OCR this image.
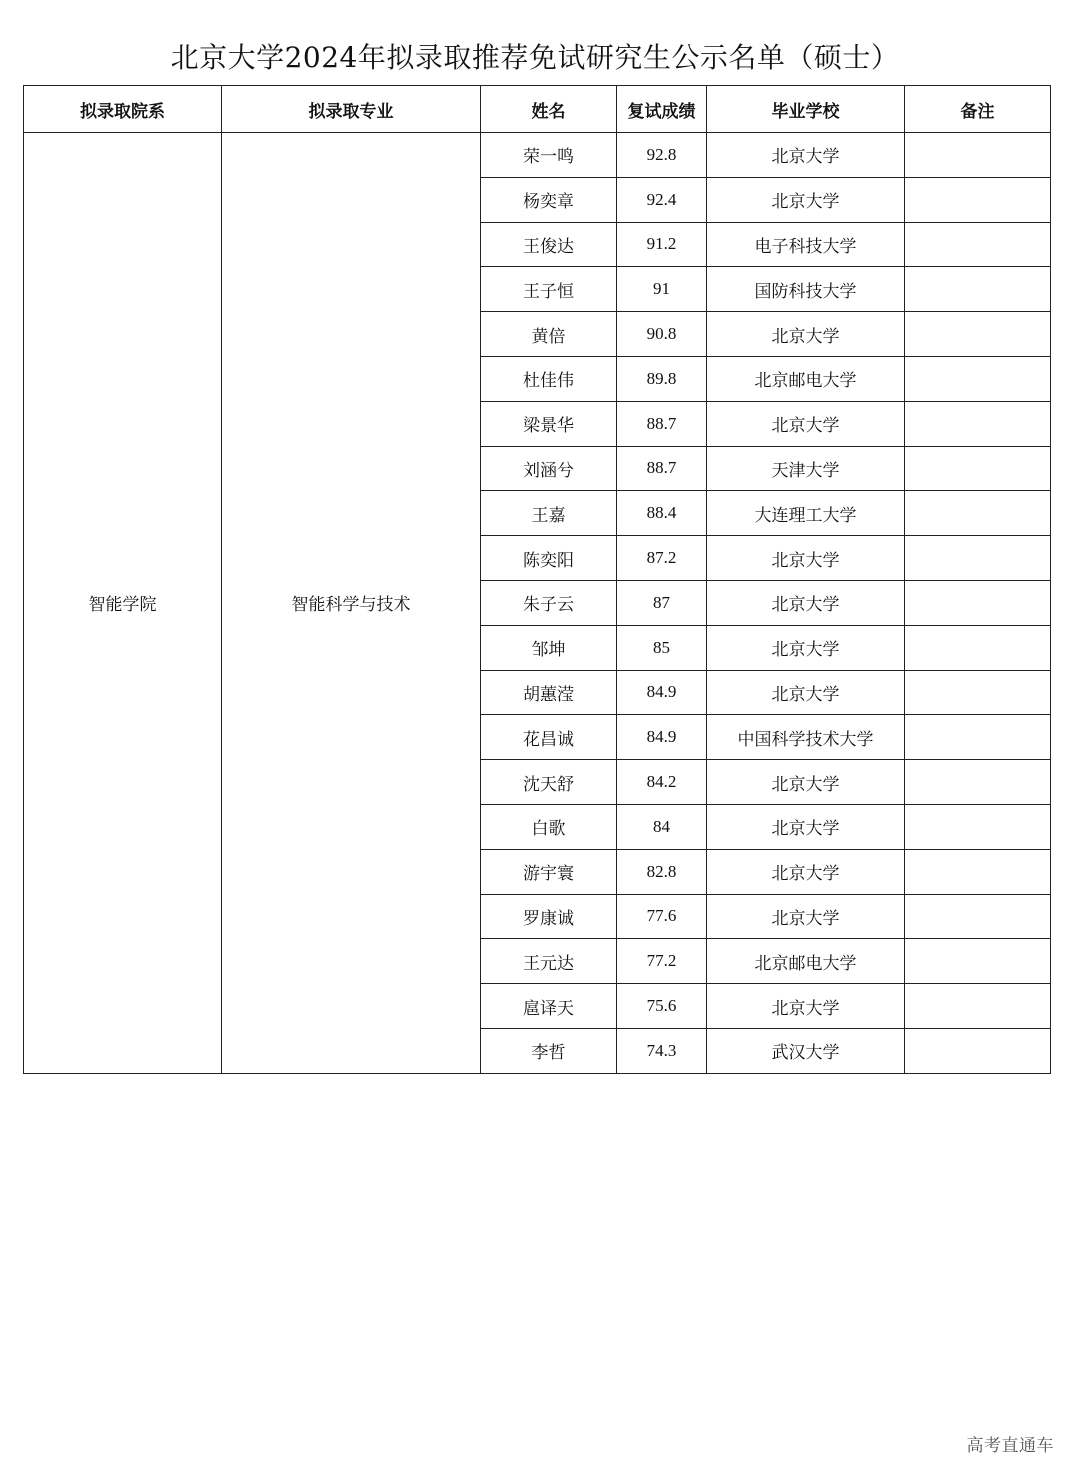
北京大学2024年拟录取推荐免试研究生公示名单（硕士）
拟录取院系	拟录取专业	姓名	复试成绩	毕业学校	备注
智能学院	智能科学与技术	荣一鸣	92.8	北京大学	
		杨奕章	92.4	北京大学	
		王俊达	91.2	电子科技大学	
		王子恒	91	国防科技大学	
		黄倍	90.8	北京大学	
		杜佳伟	89.8	北京邮电大学	
		梁景华	88.7	北京大学	
		刘涵兮	88.7	天津大学	
		王嘉	88.4	大连理工大学	
		陈奕阳	87.2	北京大学	
		朱子云	87	北京大学	
		邹坤	85	北京大学	
		胡蕙滢	84.9	北京大学	
		花昌诚	84.9	中国科学技术大学	
		沈天舒	84.2	北京大学	
		白歌	84	北京大学	
		游宇寰	82.8	北京大学	
		罗康诚	77.6	北京大学	
		王元达	77.2	北京邮电大学	
		扈译天	75.6	北京大学	
		李哲	74.3	武汉大学	
高考直通车
